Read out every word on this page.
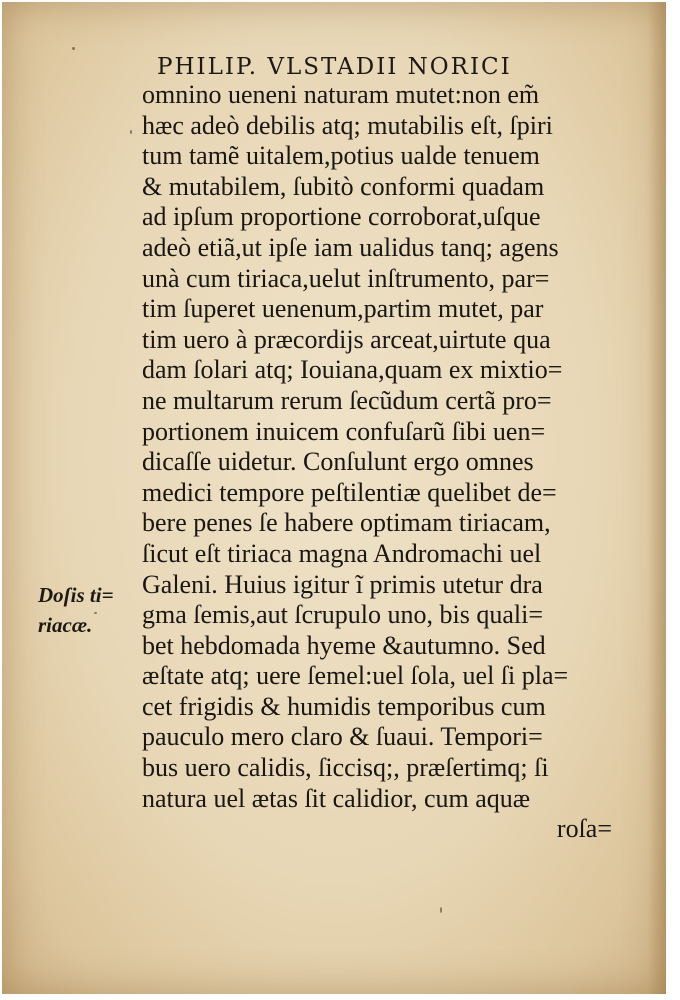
PHILIP. VLSTADII NORICI
Doſis ti=
riacæ.
omnino ueneni naturam mutet:non em̃
hæc adeò debilis atq; mutabilis eſt, ſpiri
tum tamẽ uitalem,potius ualde tenuem
& mutabilem, ſubitò conformi quadam
ad ipſum proportione corroborat,uſque
adeò etiã,ut ipſe iam ualidus tanq; agens
unà cum tiriaca,uelut inſtrumento, par=
tim ſuperet uenenum,partim mutet, par
tim uero à præcordijs arceat,uirtute qua
dam ſolari atq; Iouiana,quam ex mixtio=
ne multarum rerum ſecũdum certã pro=
portionem inuicem confuſarũ ſibi uen=
dicaſſe uidetur. Conſulunt ergo omnes
medici tempore peſtilentiæ quelibet de=
bere penes ſe habere optimam tiriacam,
ſicut eſt tiriaca magna Andromachi uel
Galeni. Huius igitur ĩ primis utetur dra
gma ſemis,aut ſcrupulo uno, bis quali=
bet hebdomada hyeme &autumno. Sed
æſtate atq; uere ſemel:uel ſola, uel ſi pla=
cet frigidis & humidis temporibus cum
pauculo mero claro & ſuaui. Tempori=
bus uero calidis, ſiccisq;, præſertimq; ſi
natura uel ætas ſit calidior, cum aquæ
roſa=
